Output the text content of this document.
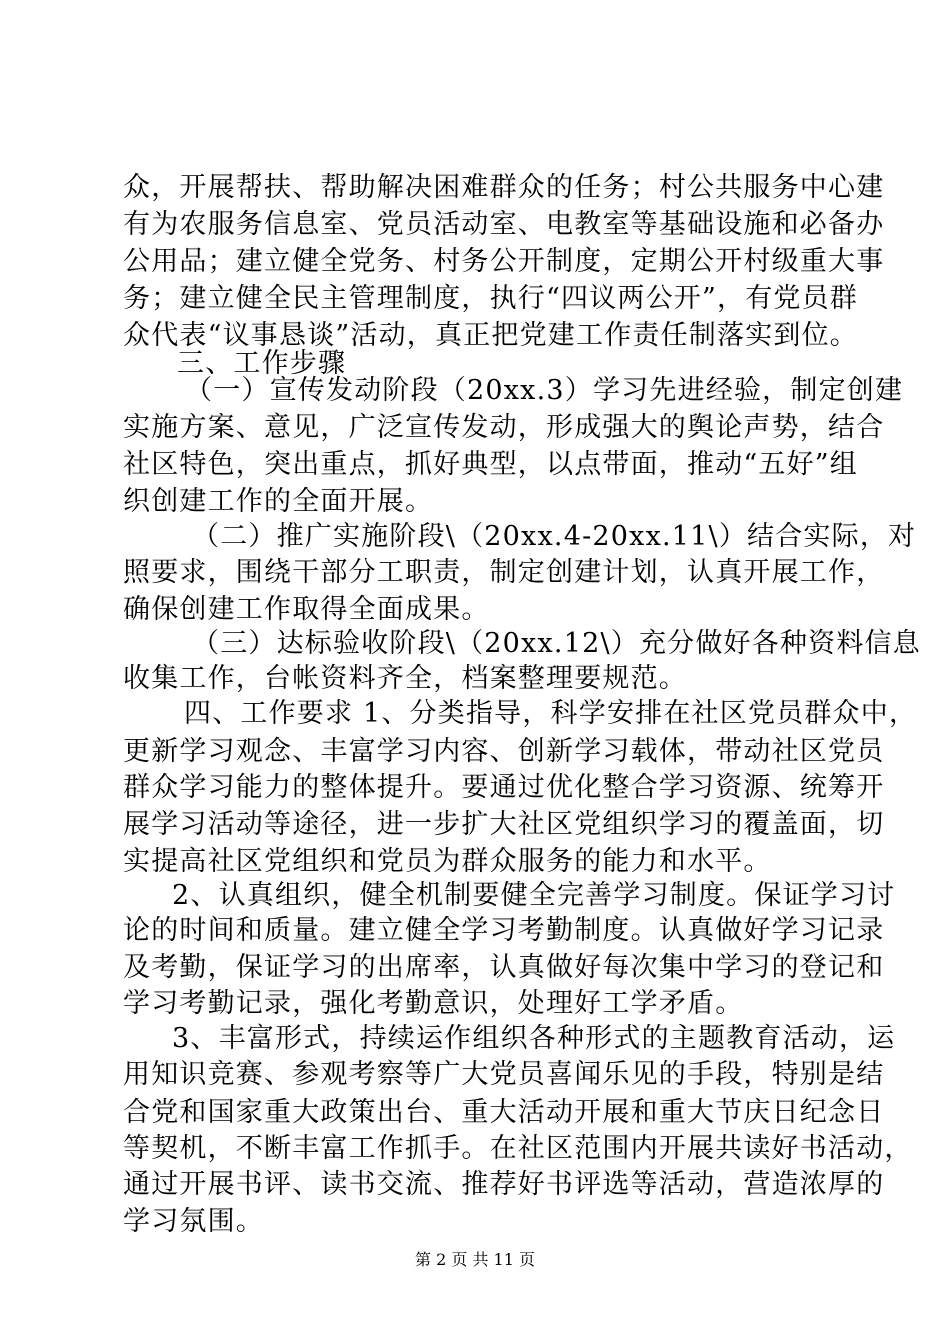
众，开展帮扶、帮助解决困难群众的任务；村公共服务中心建
有为农服务信息室、党员活动室、电教室等基础设施和必备办
公用品；建立健全党务、村务公开制度，定期公开村级重大事
务；建立健全民主管理制度，执行“四议两公开”，有党员群
众代表“议事恳谈”活动，真正把党建工作责任制落实到位。
三、工作步骤
（一）宣传发动阶段（20xx.3）学习先进经验，制定创建
实施方案、意见，广泛宣传发动，形成强大的舆论声势，结合
社区特色，突出重点，抓好典型，以点带面，推动“五好”组
织创建工作的全面开展。
（二）推广实施阶段\（20xx.4-20xx.11\）结合实际，对
照要求，围绕干部分工职责，制定创建计划，认真开展工作，
确保创建工作取得全面成果。
（三）达标验收阶段\（20xx.12\）充分做好各种资料信息
收集工作，台帐资料齐全，档案整理要规范。
四、工作要求 1、分类指导，科学安排在社区党员群众中，
更新学习观念、丰富学习内容、创新学习载体，带动社区党员
群众学习能力的整体提升。要通过优化整合学习资源、统筹开
展学习活动等途径，进一步扩大社区党组织学习的覆盖面，切
实提高社区党组织和党员为群众服务的能力和水平。
2、认真组织，健全机制要健全完善学习制度。保证学习讨
论的时间和质量。建立健全学习考勤制度。认真做好学习记录
及考勤，保证学习的出席率，认真做好每次集中学习的登记和
学习考勤记录，强化考勤意识，处理好工学矛盾。
3、丰富形式，持续运作组织各种形式的主题教育活动，运
用知识竞赛、参观考察等广大党员喜闻乐见的手段，特别是结
合党和国家重大政策出台、重大活动开展和重大节庆日纪念日
等契机，不断丰富工作抓手。在社区范围内开展共读好书活动，
通过开展书评、读书交流、推荐好书评选等活动，营造浓厚的
学习氛围。
第 2 页 共 11 页
